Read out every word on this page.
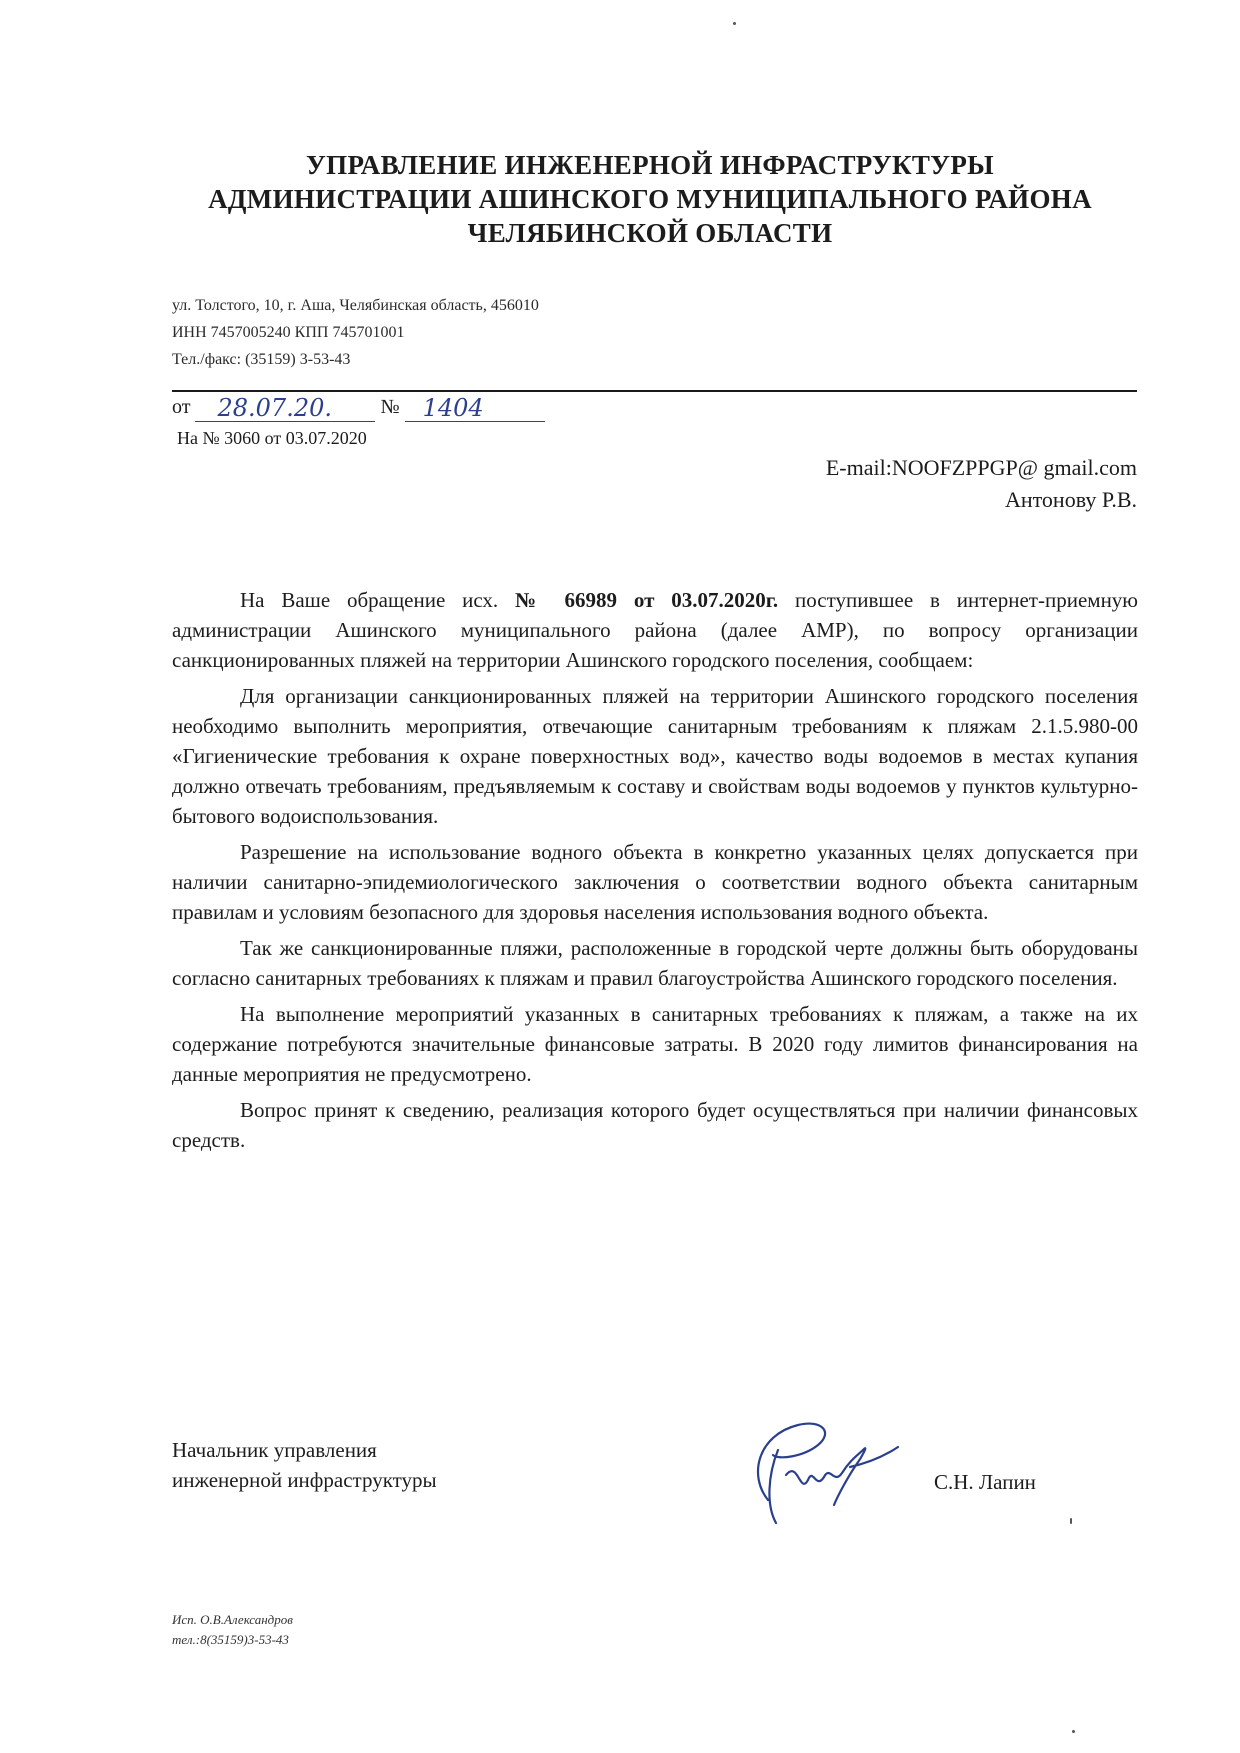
УПРАВЛЕНИЕ ИНЖЕНЕРНОЙ ИНФРАСТРУКТУРЫ
АДМИНИСТРАЦИИ АШИНСКОГО МУНИЦИПАЛЬНОГО РАЙОНА
ЧЕЛЯБИНСКОЙ ОБЛАСТИ
ул. Толстого, 10, г. Аша, Челябинская область, 456010
ИНН 7457005240 КПП 745701001
Тел./факс: (35159) 3-53-43
от 28.07.20. № 1404
На № 3060 от 03.07.2020
E-mail:NOOFZPPGP@ gmail.com
Антонову Р.В.

На Ваше обращение исх. № 66989 от 03.07.2020г. поступившее в интернет-приемную администрации Ашинского муниципального района (далее АМР), по вопросу организации санкционированных пляжей на территории Ашинского городского поселения, сообщаем:

Для организации санкционированных пляжей на территории Ашинского городского поселения необходимо выполнить мероприятия, отвечающие санитарным требованиям к пляжам 2.1.5.980-00 «Гигиенические требования к охране поверхностных вод», качество воды водоемов в местах купания должно отвечать требованиям, предъявляемым к составу и свойствам воды водоемов у пунктов культурно-бытового водоиспользования.

Разрешение на использование водного объекта в конкретно указанных целях допускается при наличии санитарно-эпидемиологического заключения о соответствии водного объекта санитарным правилам и условиям безопасного для здоровья населения использования водного объекта.

Так же санкционированные пляжи, расположенные в городской черте должны быть оборудованы согласно санитарных требованиях к пляжам и правил благоустройства Ашинского городского поселения.

На выполнение мероприятий указанных в санитарных требованиях к пляжам, а также на их содержание потребуются значительные финансовые затраты. В 2020 году лимитов финансирования на данные мероприятия не предусмотрено.

Вопрос принят к сведению, реализация которого будет осуществляться при наличии финансовых средств.

Начальник управления
инженерной инфраструктуры	С.Н. Лапин
Исп. О.В.Александров
тел.:8(35159)3-53-43
